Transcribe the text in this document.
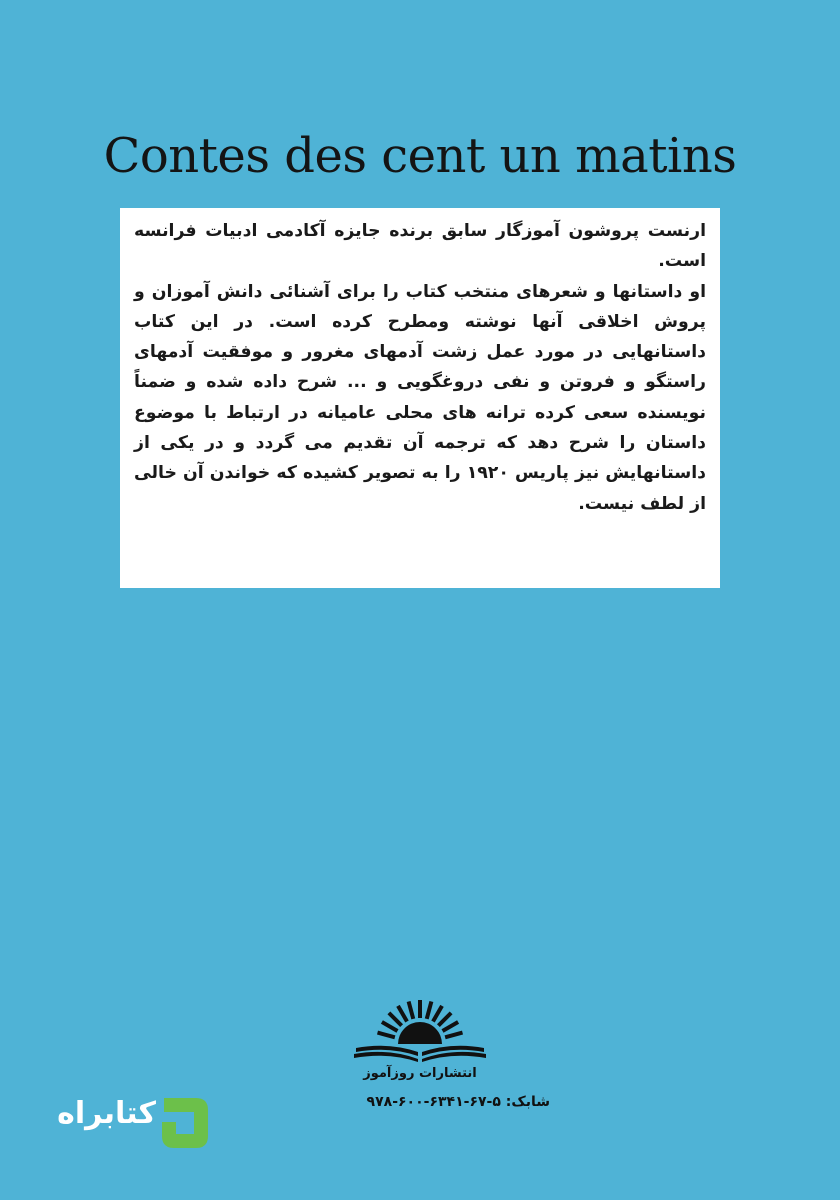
Contes des cent un matins

ارنست پروشون آموزگار سابق برنده جایزه آکادمی ادبیات فرانسه است.

او داستانها و شعرهای منتخب کتاب را برای آشنائی دانش آموزان و پروش اخلاقی آنها نوشته ومطرح کرده است. در این کتاب داستانهایی در مورد عمل زشت آدمهای مغرور و موفقیت آدمهای راستگو و فروتن و نفی دروغگویی و ... شرح داده شده و ضمناً نویسنده سعی کرده ترانه های محلی عامیانه در ارتباط با موضوع داستان را شرح دهد که ترجمه آن تقدیم می گردد و در یکی از داستانهایش نیز پاریس ۱۹۲۰ را به تصویر کشیده که خواندن آن خالی از لطف نیست.

انتشارات روزآموز
شابک: ۵-۶۷-۶۳۴۱-۶۰۰-۹۷۸
کتابراه
